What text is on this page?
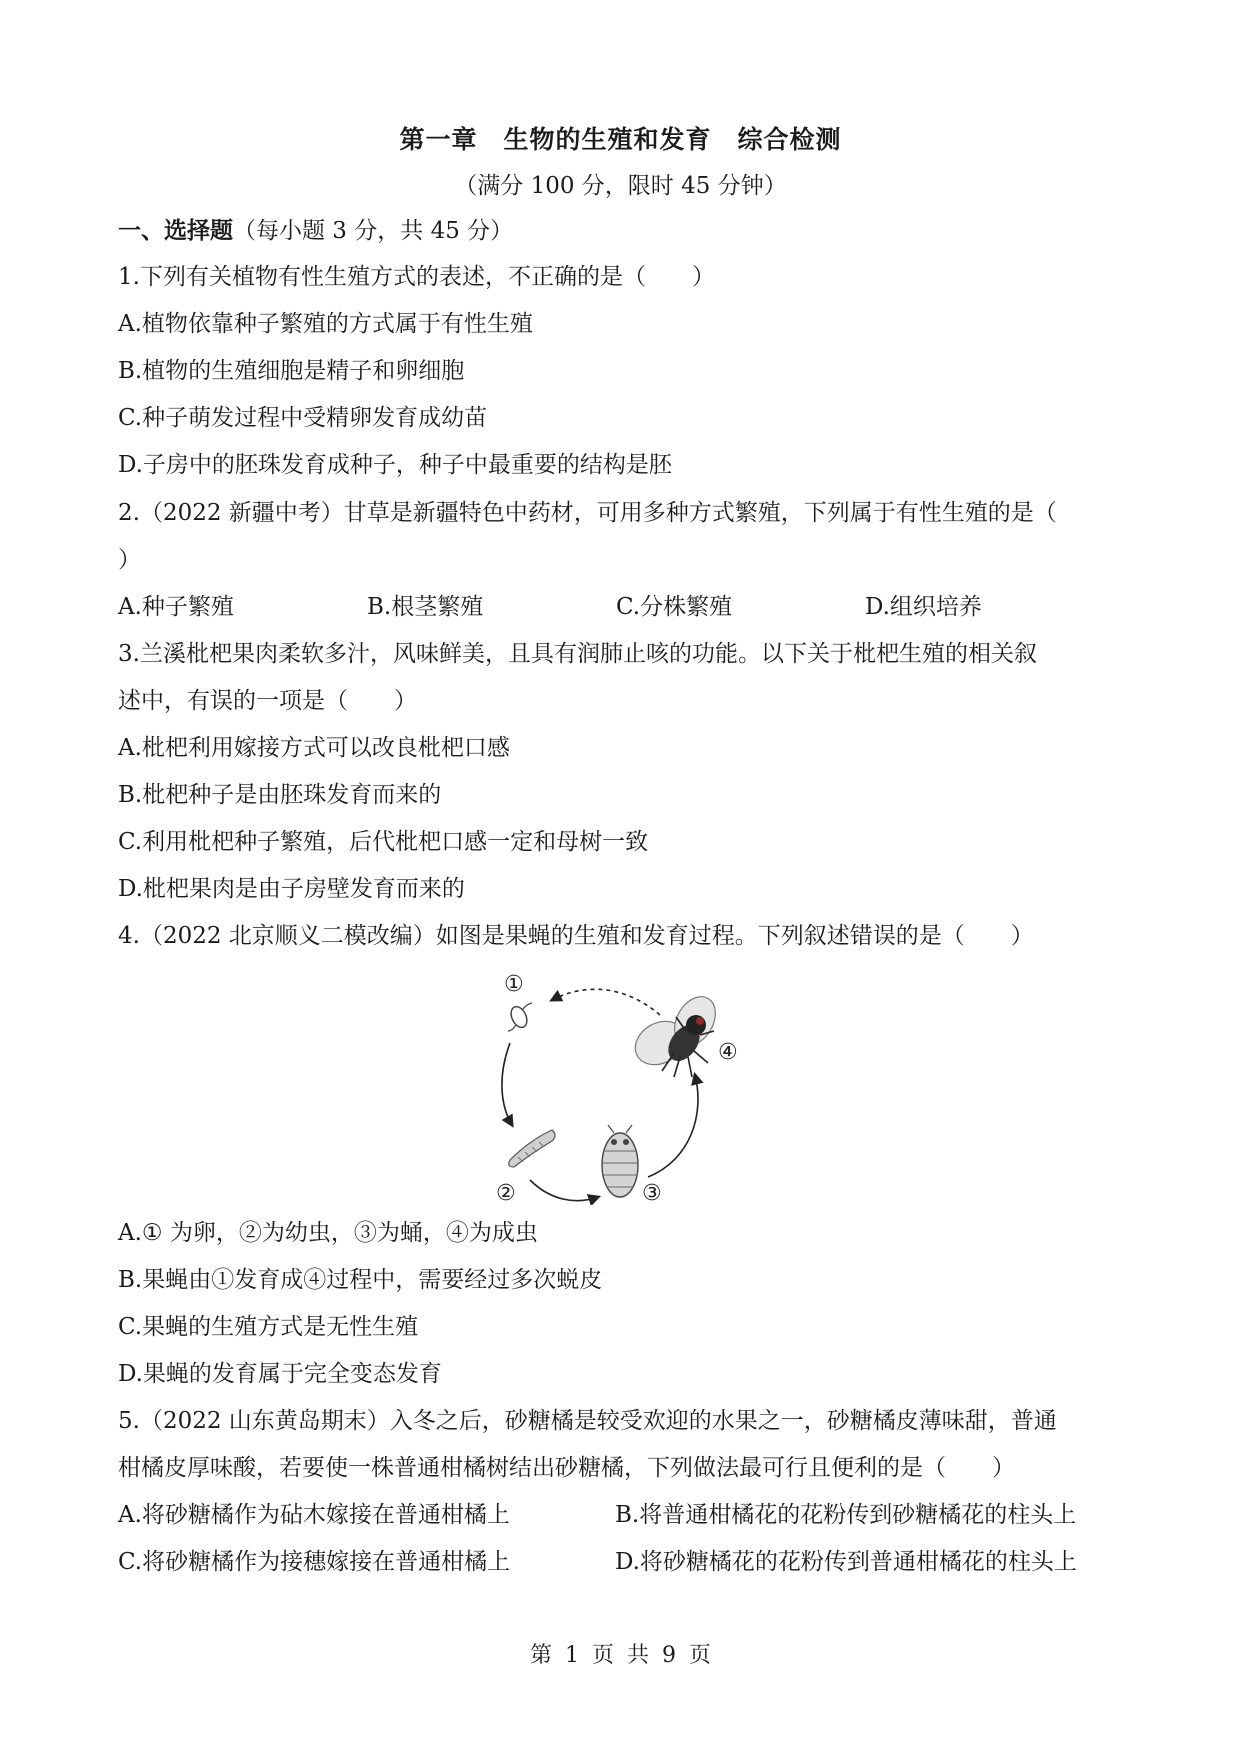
第一章　生物的生殖和发育　综合检测
（满分 100 分，限时 45 分钟）
一、选择题（每小题 3 分，共 45 分）
1.下列有关植物有性生殖方式的表述，不正确的是（　　）
A.植物依靠种子繁殖的方式属于有性生殖
B.植物的生殖细胞是精子和卵细胞
C.种子萌发过程中受精卵发育成幼苗
D.子房中的胚珠发育成种子，种子中最重要的结构是胚
2.（2022 新疆中考）甘草是新疆特色中药材，可用多种方式繁殖，下列属于有性生殖的是（
）
A.种子繁殖	B.根茎繁殖	C.分株繁殖	D.组织培养
3.兰溪枇杷果肉柔软多汁，风味鲜美，且具有润肺止咳的功能。以下关于枇杷生殖的相关叙
述中，有误的一项是（　　）
A.枇杷利用嫁接方式可以改良枇杷口感
B.枇杷种子是由胚珠发育而来的
C.利用枇杷种子繁殖，后代枇杷口感一定和母树一致
D.枇杷果肉是由子房壁发育而来的
4.（2022 北京顺义二模改编）如图是果蝇的生殖和发育过程。下列叙述错误的是（　　）
①
②	③
④
A.① 为卵，②为幼虫，③为蛹，④为成虫
B.果蝇由①发育成④过程中，需要经过多次蜕皮
C.果蝇的生殖方式是无性生殖
D.果蝇的发育属于完全变态发育
5.（2022 山东黄岛期末）入冬之后，砂糖橘是较受欢迎的水果之一，砂糖橘皮薄味甜，普通
柑橘皮厚味酸，若要使一株普通柑橘树结出砂糖橘，下列做法最可行且便利的是（　　）
A.将砂糖橘作为砧木嫁接在普通柑橘上	B.将普通柑橘花的花粉传到砂糖橘花的柱头上
C.将砂糖橘作为接穗嫁接在普通柑橘上	D.将砂糖橘花的花粉传到普通柑橘花的柱头上
第 1 页 共 9 页
